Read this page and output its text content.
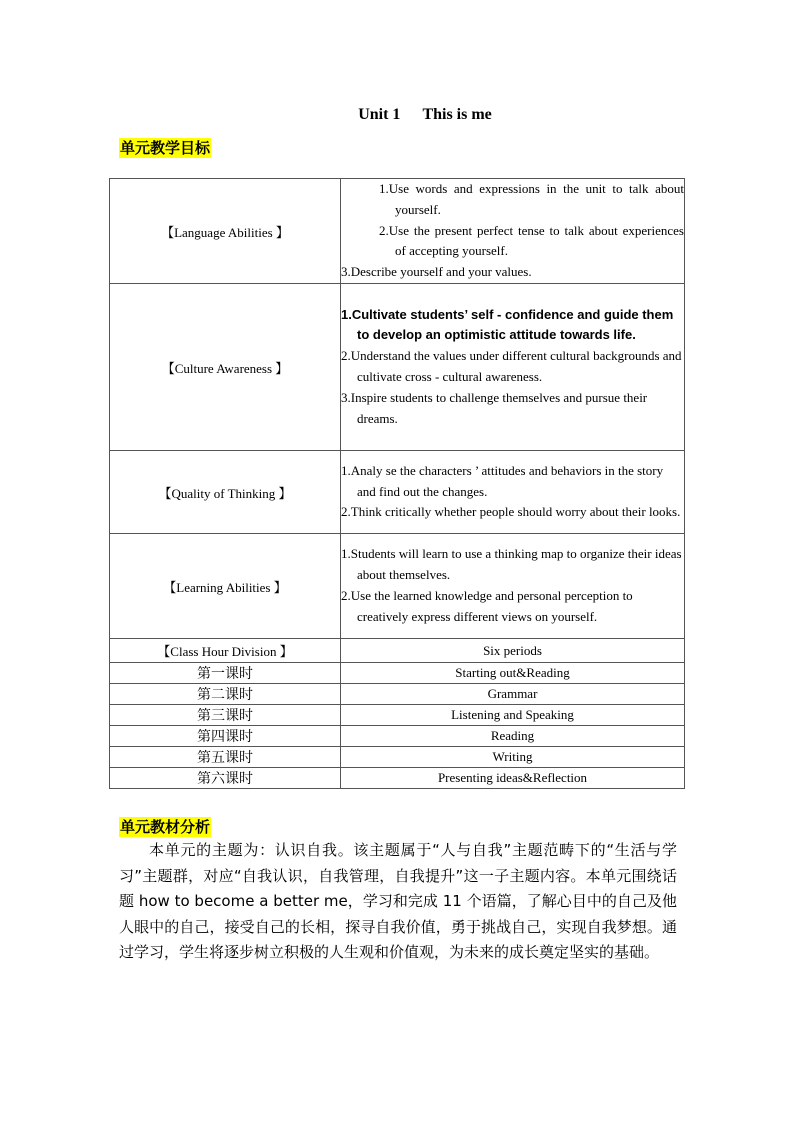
Unit 1 This is me
单元教学目标
【Language Abilities 】	1.Use words and expressions in the unit to talk about yourself.
2.Use the present perfect tense to talk about experiences of accepting yourself.
3.Describe yourself and your values.

【Culture Awareness 】	1.Cultivate students’ self - confidence and guide them to develop an optimistic attitude towards life.
2.Understand the values under different cultural backgrounds and cultivate cross - cultural awareness.
3.Inspire students to challenge themselves and pursue their dreams.

【Quality of Thinking 】	1.Analy se the characters ’ attitudes and behaviors in the story and find out the changes.
2.Think critically whether people should worry about their looks.

【Learning Abilities 】	1.Students will learn to use a thinking map to organize their ideas about themselves.
2.Use the learned knowledge and personal perception to creatively express different views on yourself.

【Class Hour Division 】	Six periods
第一课时	Starting out&Reading
第二课时	Grammar
第三课时	Listening and Speaking
第四课时	Reading
第五课时	Writing
第六课时	Presenting ideas&Reflection
单元教材分析

本单元的主题为：认识自我。该主题属于“人与自我”主题范畴下的“生活与学习”主题群，对应“自我认识，自我管理，自我提升”这一子主题内容。本单元围绕话题 how to become a better me，学习和完成 11 个语篇，了解心目中的自己及他人眼中的自己，接受自己的长相，探寻自我价值，勇于挑战自己，实现自我梦想。通过学习，学生将逐步树立积极的人生观和价值观，为未来的成长奠定坚实的基础。
